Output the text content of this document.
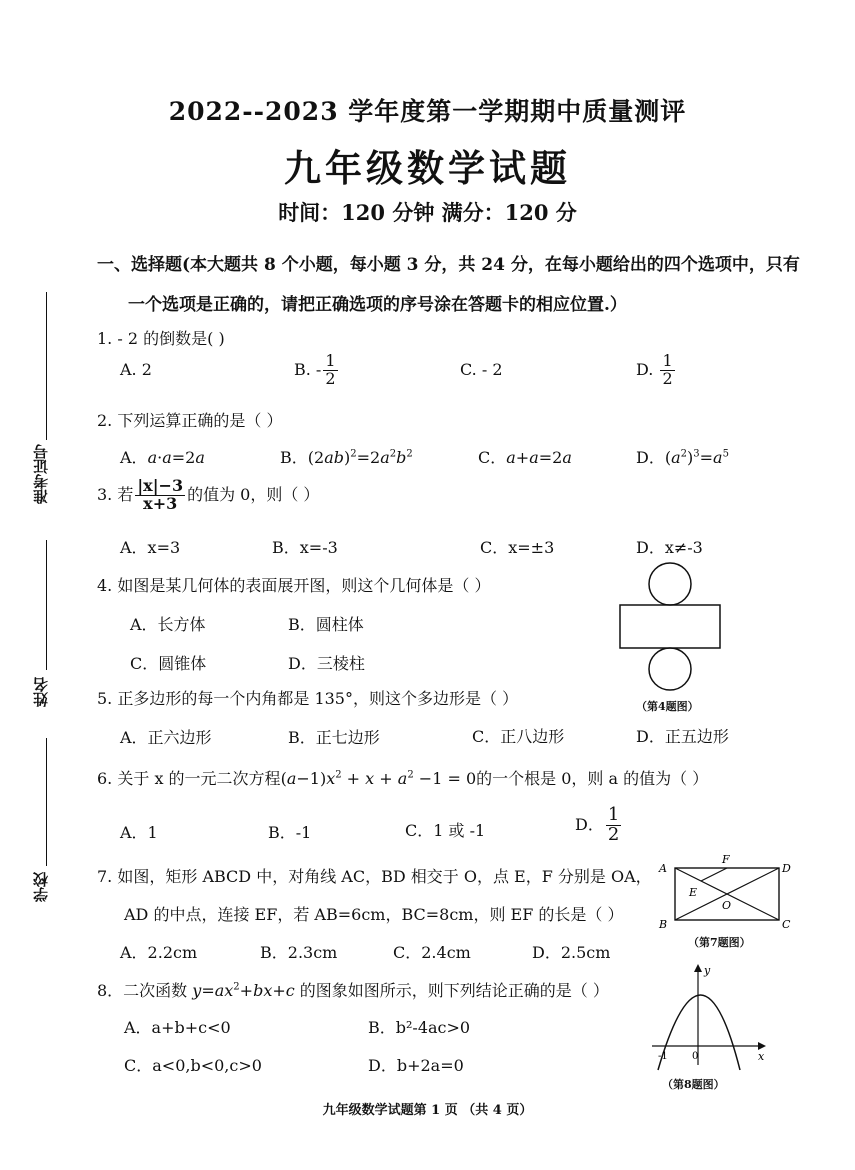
2022--2023 学年度第一学期期中质量测评
九年级数学试题
时间：120 分钟 满分：120 分
准考证号
姓名
学校
一、选择题(本大题共 8 个小题，每小题 3 分，共 24 分，在每小题给出的四个选项中，只有
一个选项是正确的，请把正确选项的序号涂在答题卡的相应位置.）
1. - 2 的倒数是( )
A. 2	B. - $\frac{1}{2}$	C. - 2	D. $\frac{1}{2}$
2. 下列运算正确的是（ ）
A．a·a=2a	B．$(2ab)^2=2a^2b^2$	C．a+a=2a	D．$(a^2)^3=a^5$
3. 若 $\frac{|x|-3}{x+3}$ 的值为 0，则（ ）
A．x=3	B．x=-3	C．x=±3	D．x≠-3
4. 如图是某几何体的表面展开图，则这个几何体是（ ）
A．长方体	B．圆柱体
C．圆锥体	D．三棱柱
（第4题图）
5. 正多边形的每一个内角都是 135°，则这个多边形是（ ）
A．正六边形	B．正七边形	C．正八边形	D．正五边形
6. 关于 x 的一元二次方程$(a-1)x^2 + x + a^2 -1 = 0$的一个根是 0，则 a 的值为（ ）
A．1	B．-1	C．1 或 -1	D． $\frac{1}{2}$
7. 如图，矩形 ABCD 中，对角线 AC，BD 相交于 O，点 E，F 分别是 OA，
AD 的中点，连接 EF，若 AB=6cm，BC=8cm，则 EF 的长是（ ）
A．2.2cm	B．2.3cm	C．2.4cm	D．2.5cm
A
B	C
D
E
F
O
（第7题图）
8．二次函数 $y=ax^2+bx+c$ 的图象如图所示，则下列结论正确的是（ ）
A．a+b+c<0	B．b²-4ac>0
C．a<0,b<0,c>0	D．b+2a=0
y
x
-1 0
（第8题图）
九年级数学试题第 1 页 （共 4 页）
